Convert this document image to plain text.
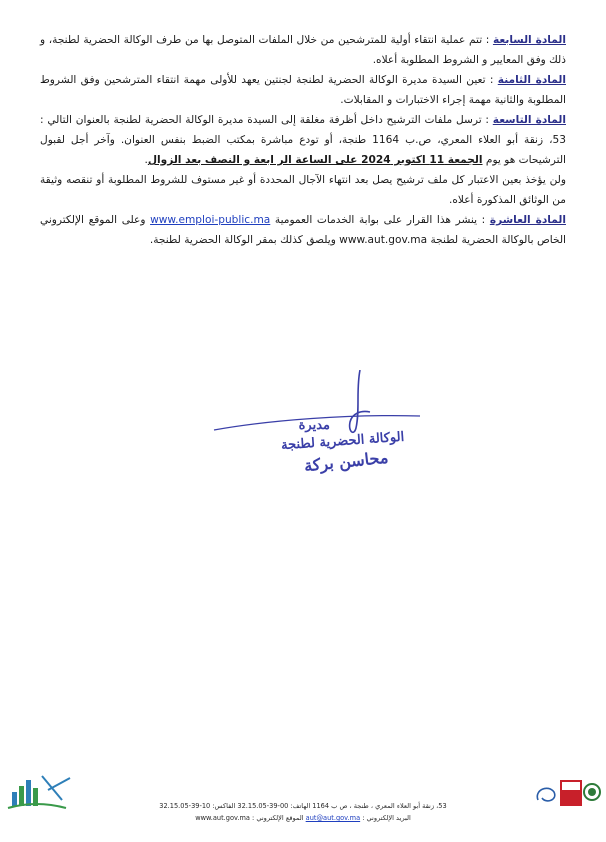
المادة السابعة : تتم عملية انتقاء أولية للمترشحين من خلال الملفات المتوصل بها من طرف الوكالة الحضرية لطنجة، و ذلك وفق المعايير و الشروط المطلوبة أعلاه.

المادة الثامنة : تعين السيدة مديرة الوكالة الحضرية لطنجة لجنتين يعهد للأولى مهمة انتقاء المترشحين وفق الشروط المطلوبة والثانية مهمة إجراء الاختبارات و المقابلات.

المادة التاسعة : ترسل ملفات الترشيح داخل أظرفة مغلقة إلى السيدة مديرة الوكالة الحضرية لطنجة بالعنوان التالي : 53، زنقة أبو العلاء المعري، ص.ب 1164 طنجة، أو تودع مباشرة بمكتب الضبط بنفس العنوان. وآخر أجل لقبول الترشيحات هو يوم الجمعة 11 اكتوبر 2024 على الساعة الر ابعة و النصف بعد الزوال.

ولن يؤخذ بعين الاعتبار كل ملف ترشيح يصل بعد انتهاء الآجال المحددة أو غير مستوف للشروط المطلوبة أو تنقصه وثيقة من الوثائق المذكورة أعلاه.

المادة العاشرة : ينشر هذا القرار على بوابة الخدمات العمومية www.emploi-public.ma وعلى الموقع الإلكتروني الخاص بالوكالة الحضرية لطنجة www.aut.gov.ma ويلصق كذلك بمقر الوكالة الحضرية لطنجة.

مديرة
الوكالة الحضرية لطنجة
محاسن بركة
53، زنقة أبو العلاء المعري ، طنجة ، ص ب 1164 الهاتف: 00-39-32.15.05 الفاكس: 10-39-32.15.05
البريد الإلكتروني : aut@aut.gov.ma الموقع الإلكتروني : www.aut.gov.ma
